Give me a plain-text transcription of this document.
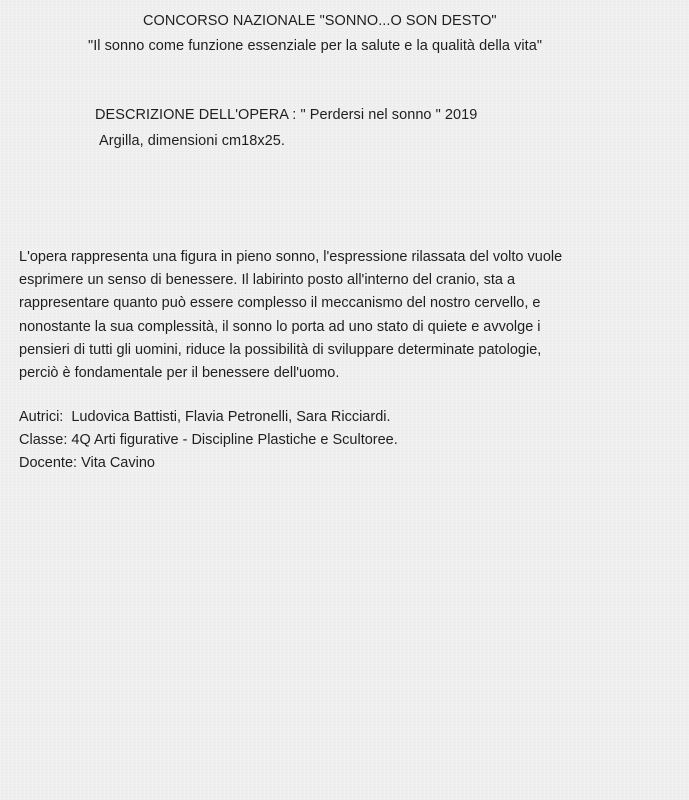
CONCORSO NAZIONALE "SONNO...O SON DESTO"
"Il sonno come funzione essenziale per la salute e la qualità della vita"
DESCRIZIONE DELL'OPERA : " Perdersi nel sonno " 2019
Argilla, dimensioni cm18x25.
L'opera rappresenta una figura in pieno sonno, l'espressione rilassata del volto vuole
esprimere un senso di benessere. Il labirinto posto all'interno del cranio, sta a
rappresentare quanto può essere complesso il meccanismo del nostro cervello, e
nonostante la sua complessità, il sonno lo porta ad uno stato di quiete e avvolge i
pensieri di tutti gli uomini, riduce la possibilità di sviluppare determinate patologie,
perciò è fondamentale per il benessere dell'uomo.
Autrici:  Ludovica Battisti, Flavia Petronelli, Sara Ricciardi.
Classe: 4Q Arti figurative - Discipline Plastiche e Scultoree.
Docente: Vita Cavino
